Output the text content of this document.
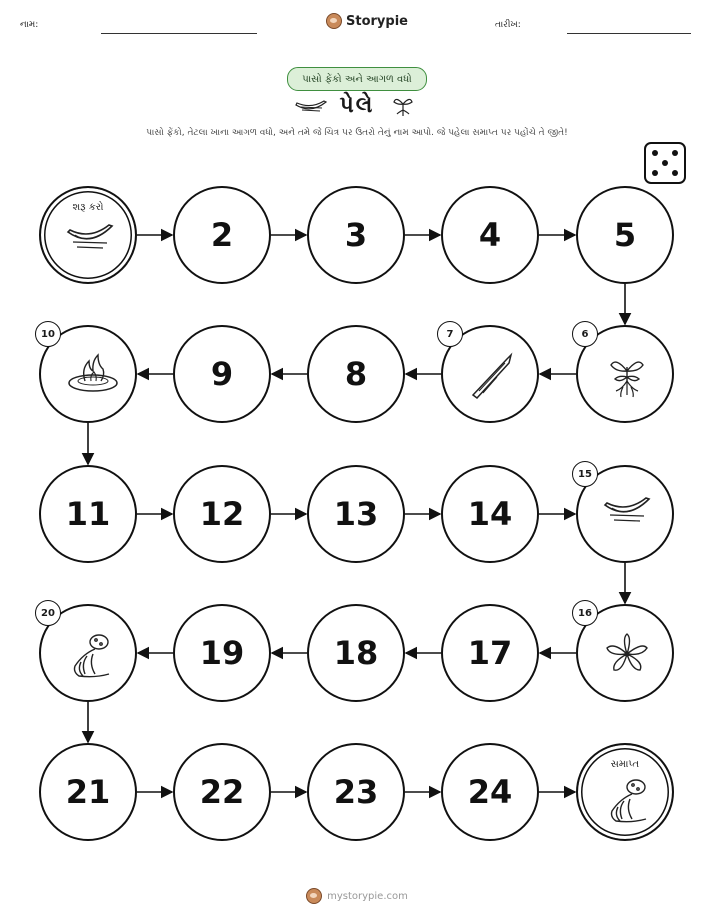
નામ:	Storypie	તારીખ:
પાસો ફેંકો અને આગળ વધો
પેલે
પાસો ફેંકો, તેટલા ખાના આગળ વધો, અને તમે જે ચિત્ર પર ઉતરો તેનું નામ આપો. જે પહેલા સમાપ્ત પર પહોંચે તે જીતે!
શરૂ કરો
2	3	4	5
6
7
8
9
10
11	12	13	14
15
16
17
18
19
20
21	22	23	24
સમાપ્ત
mystorypie.com
